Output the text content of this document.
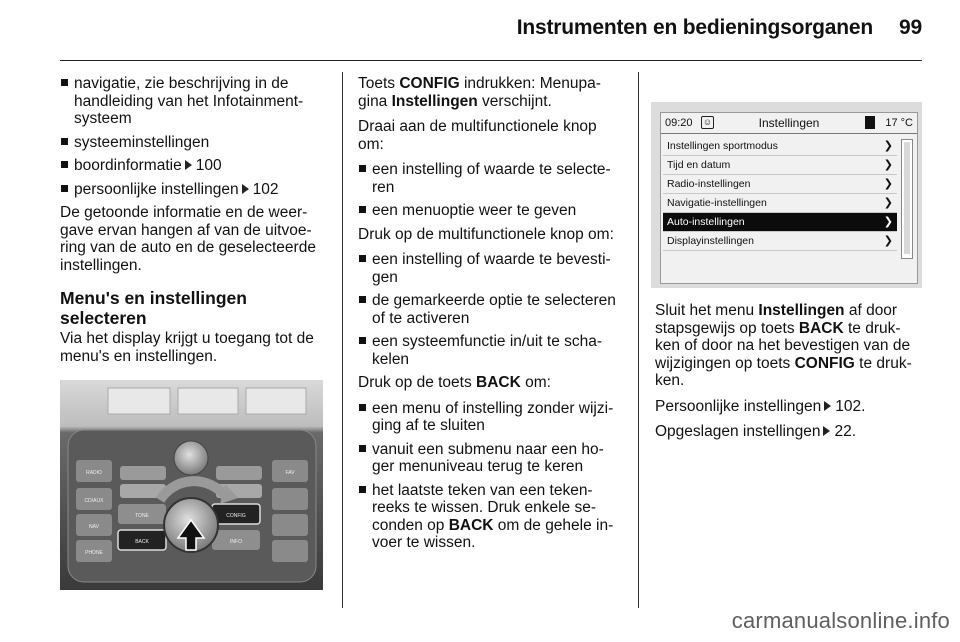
Instrumenten en bedieningsorganen 99
navigatie, zie beschrijving in de handleiding van het Infotainment-systeem
systeeminstellingen
boordinformatie 100
persoonlijke instellingen 102

De getoonde informatie en de weer-gave ervan hangen af van de uitvoe-ring van de auto en de geselecteerde instellingen.

Menu's en instellingen selecteren

Via het display krijgt u toegang tot de menu's en instellingen.

RADIO
CD/AUX
NAV
PHONE
FAV
TONE	CONFIG
BACK	INFO

Toets CONFIG indrukken: Menupa-gina Instellingen verschijnt.

Draai aan de multifunctionele knop om:

een instelling of waarde te selecte-ren
een menuoptie weer te geven

Druk op de multifunctionele knop om:

een instelling of waarde te bevesti-gen
de gemarkeerde optie te selecteren of te activeren
een systeemfunctie in/uit te scha-kelen

Druk op de toets BACK om:

een menu of instelling zonder wijzi-ging af te sluiten
vanuit een submenu naar een ho-ger menuniveau terug te keren
het laatste teken van een teken-reeks te wissen. Druk enkele se-conden op BACK om de gehele in-voer te wissen.
09:20 ☺	Instellingen	17 °C
Instellingen sportmodus	❯
Tijd en datum	❯
Radio-instellingen	❯
Navigatie-instellingen	❯
Auto-instellingen	❯
Displayinstellingen	❯

Sluit het menu Instellingen af door stapsgewijs op toets BACK te druk-ken of door na het bevestigen van de wijzigingen op toets CONFIG te druk-ken.

Persoonlijke instellingen 102.

Opgeslagen instellingen 22.

carmanualsonline.info
